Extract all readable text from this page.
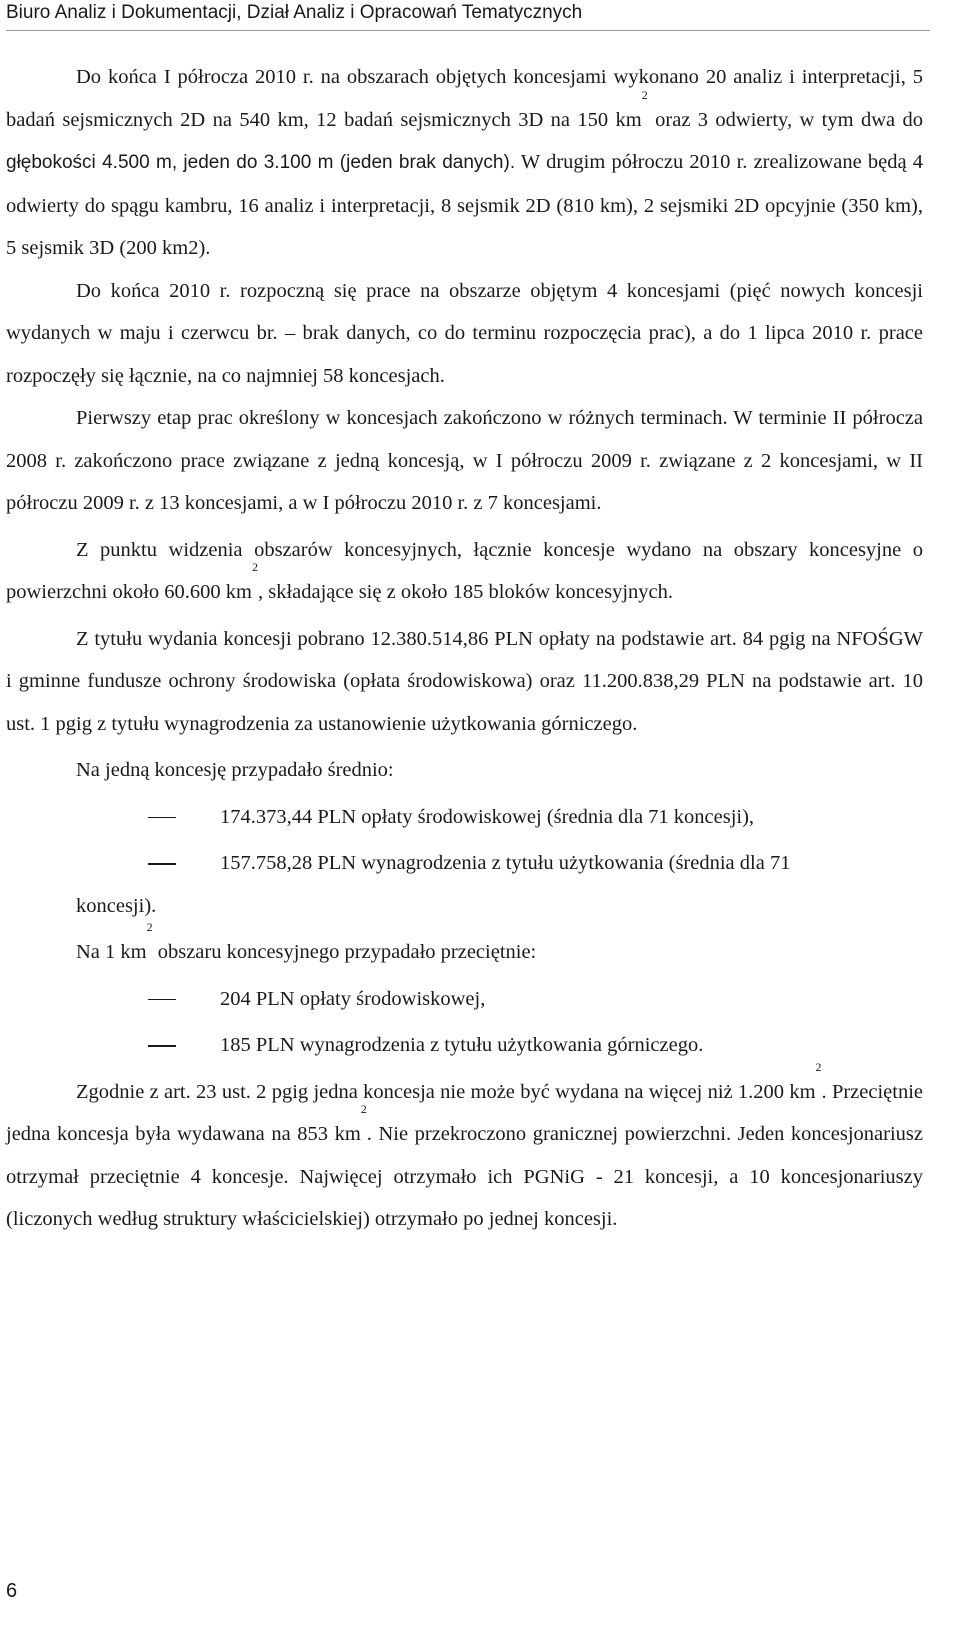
Biuro Analiz i Dokumentacji, Dział Analiz i Opracowań Tematycznych

Do końca I półrocza 2010 r. na obszarach objętych koncesjami wykonano 20 analiz i interpretacji, 5 badań sejsmicznych 2D na 540 km, 12 badań sejsmicznych 3D na 150 $km^2$ oraz 3 odwierty, w tym dwa do głębokości 4.500 m, jeden do 3.100 m (jeden brak danych). W drugim półroczu 2010 r. zrealizowane będą 4 odwierty do spągu kambru, 16 analiz i interpretacji, 8 sejsmik 2D (810 km), 2 sejsmiki 2D opcyjnie (350 km), 5 sejsmik 3D (200 km2).

Do końca 2010 r. rozpoczną się prace na obszarze objętym 4 koncesjami (pięć nowych koncesji wydanych w maju i czerwcu br. – brak danych, co do terminu rozpoczęcia prac), a do 1 lipca 2010 r. prace rozpoczęły się łącznie, na co najmniej 58 koncesjach.

Pierwszy etap prac określony w koncesjach zakończono w różnych terminach. W terminie II półrocza 2008 r. zakończono prace związane z jedną koncesją, w I półroczu 2009 r. związane z 2 koncesjami, w II półroczu 2009 r. z 13 koncesjami, a w I półroczu 2010 r. z 7 koncesjami.

Z punktu widzenia obszarów koncesyjnych, łącznie koncesje wydano na obszary koncesyjne o powierzchni około 60.600 $km^2$, składające się z około 185 bloków koncesyjnych.

Z tytułu wydania koncesji pobrano 12.380.514,86 PLN opłaty na podstawie art. 84 pgig na NFOŚGW i gminne fundusze ochrony środowiska (opłata środowiskowa) oraz 11.200.838,29 PLN na podstawie art. 10 ust. 1 pgig z tytułu wynagrodzenia za ustanowienie użytkowania górniczego.

Na jedną koncesję przypadało średnio:

174.373,44 PLN opłaty środowiskowej (średnia dla 71 koncesji),

157.758,28 PLN wynagrodzenia z tytułu użytkowania (średnia dla 71

koncesji).

Na 1 $km^2$ obszaru koncesyjnego przypadało przeciętnie:

204 PLN opłaty środowiskowej,

185 PLN wynagrodzenia z tytułu użytkowania górniczego.

Zgodnie z art. 23 ust. 2 pgig jedna koncesja nie może być wydana na więcej niż 1.200 $km^2$. Przeciętnie jedna koncesja była wydawana na 853 $km^2$. Nie przekroczono granicznej powierzchni. Jeden koncesjonariusz otrzymał przeciętnie 4 koncesje. Najwięcej otrzymało ich PGNiG - 21 koncesji, a 10 koncesjonariuszy (liczonych według struktury właścicielskiej) otrzymało po jednej koncesji.

6
